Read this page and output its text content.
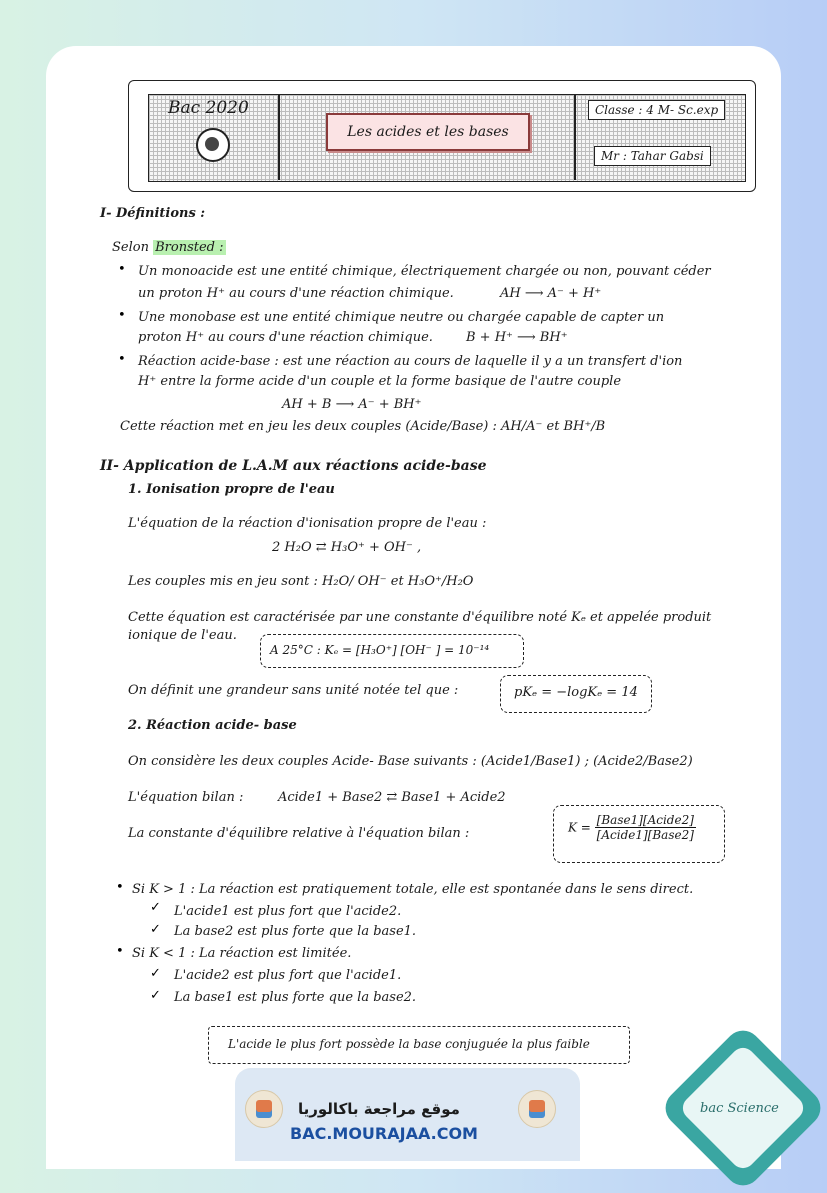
Bac 2020
Les acides et les bases
Classe : 4 M- Sc.exp
Mr : Tahar Gabsi
I- Définitions :
Selon Bronsted :
• Un monoacide est une entité chimique, électriquement chargée ou non, pouvant céder
un proton H⁺ au cours d'une réaction chimique.	AH ⟶ A⁻ + H⁺
• Une monobase est une entité chimique neutre ou chargée capable de capter un
proton H⁺ au cours d'une réaction chimique.	B + H⁺ ⟶ BH⁺
• Réaction acide-base : est une réaction au cours de laquelle il y a un transfert d'ion
H⁺ entre la forme acide d'un couple et la forme basique de l'autre couple
AH + B ⟶ A⁻ + BH⁺
Cette réaction met en jeu les deux couples (Acide/Base) : AH/A⁻ et BH⁺/B
II- Application de L.A.M aux réactions acide-base
1. Ionisation propre de l'eau
L'équation de la réaction d'ionisation propre de l'eau :
2 H₂O ⇄ H₃O⁺ + OH⁻ ,
Les couples mis en jeu sont : H₂O/ OH⁻ et H₃O⁺/H₂O
Cette équation est caractérisée par une constante d'équilibre noté Kₑ et appelée produit
ionique de l'eau.
A 25°C : Kₑ = [H₃O⁺] [OH⁻ ] = 10⁻¹⁴
On définit une grandeur sans unité notée tel que :	pKₑ = −logKₑ = 14
2. Réaction acide- base
On considère les deux couples Acide- Base suivants : (Acide1/Base1) ; (Acide2/Base2)
L'équation bilan :	Acide1 + Base2 ⇄ Base1 + Acide2
La constante d'équilibre relative à l'équation bilan :	$K = \frac{\text{[Base1][Acide2]}}{\text{[Acide1][Base2]}}$
• Si K > 1 : La réaction est pratiquement totale, elle est spontanée dans le sens direct.
✓ L'acide1 est plus fort que l'acide2.
✓ La base2 est plus forte que la base1.
• Si K < 1 : La réaction est limitée.
✓ L'acide2 est plus fort que l'acide1.
✓ La base1 est plus forte que la base2.
L'acide le plus fort possède la base conjuguée la plus faible
موقع مراجعة باكالوريا
BAC.MOURAJAA.COM
bac Science
